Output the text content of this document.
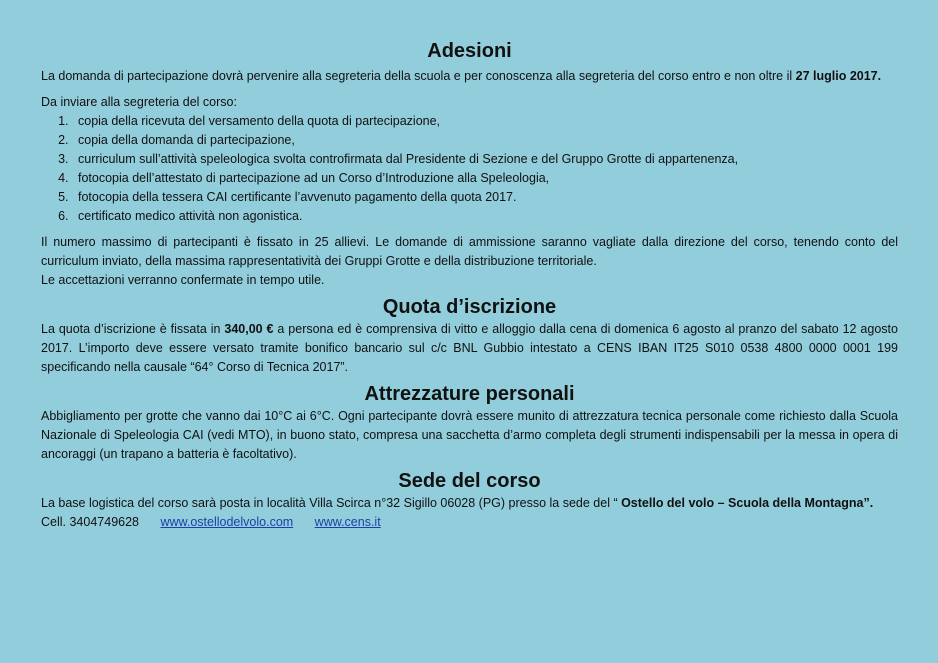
Adesioni

La domanda di partecipazione dovrà pervenire alla segreteria della scuola e per conoscenza alla segreteria del corso entro e non oltre il 27 luglio 2017.

Da inviare alla segreteria del corso:

1. copia della ricevuta del versamento della quota di partecipazione,
2. copia della domanda di partecipazione,
3. curriculum sull’attività speleologica svolta controfirmata dal Presidente di Sezione e del Gruppo Grotte di appartenenza,
4. fotocopia dell’attestato di partecipazione ad un Corso d’Introduzione alla Speleologia,
5. fotocopia della tessera CAI certificante l’avvenuto pagamento della quota 2017.
6. certificato medico attività non agonistica.

Il numero massimo di partecipanti è fissato in 25 allievi. Le domande di ammissione saranno vagliate dalla direzione del corso, tenendo conto del curriculum inviato, della massima rappresentatività dei Gruppi Grotte e della distribuzione territoriale.

Le accettazioni verranno confermate in tempo utile.

Quota d’iscrizione

La quota d’iscrizione è fissata in 340,00 € a persona ed è comprensiva di vitto e alloggio dalla cena di domenica 6 agosto al pranzo del sabato 12 agosto 2017. L’importo deve essere versato tramite bonifico bancario sul c/c BNL Gubbio intestato a CENS IBAN IT25 S010 0538 4800 0000 0001 199 specificando nella causale “64° Corso di Tecnica 2017”.

Attrezzature personali

Abbigliamento per grotte che vanno dai 10°C ai 6°C. Ogni partecipante dovrà essere munito di attrezzatura tecnica personale come richiesto dalla Scuola Nazionale di Speleologia CAI (vedi MTO), in buono stato, compresa una sacchetta d’armo completa degli strumenti indispensabili per la messa in opera di ancoraggi (un trapano a batteria è facoltativo).

Sede del corso

La base logistica del corso sarà posta in località Villa Scirca n°32 Sigillo 06028 (PG) presso la sede del “ Ostello del volo – Scuola della Montagna”.

Cell. 3404749628 www.ostellodelvolo.com www.cens.it
